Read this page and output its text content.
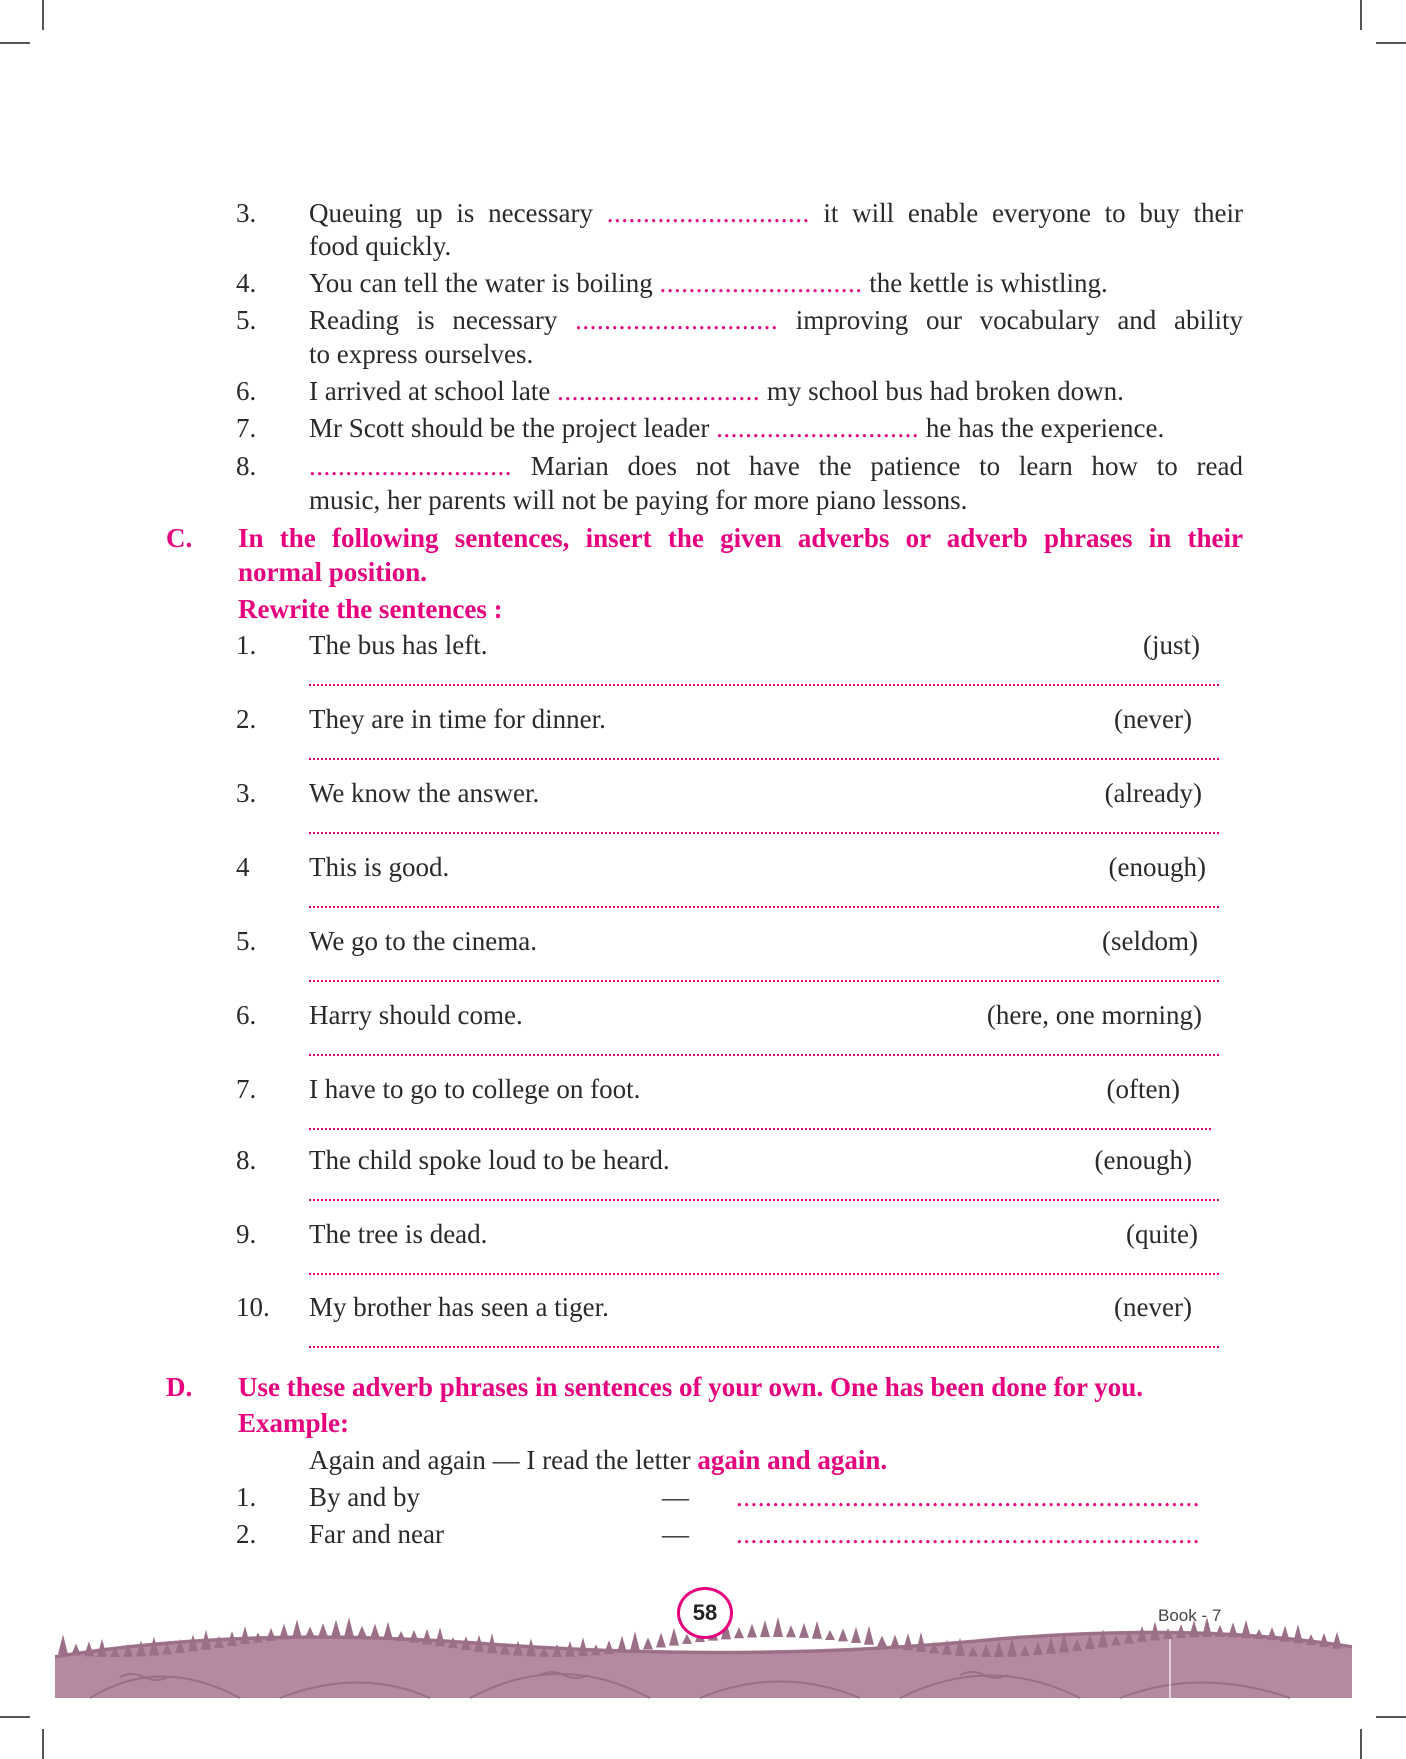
3. Queuing up is necessary ............................ it will enable everyone to buy their
food quickly.
4. You can tell the water is boiling ............................ the kettle is whistling.
5. Reading is necessary ............................ improving our vocabulary and ability
to express ourselves.
6. I arrived at school late ............................ my school bus had broken down.
7. Mr Scott should be the project leader ............................ he has the experience.
8. ............................ Marian does not have the patience to learn how to read
music, her parents will not be paying for more piano lessons.
C. In the following sentences, insert the given adverbs or adverb phrases in their
normal position.
Rewrite the sentences :
1. The bus has left.	(just)
2. They are in time for dinner.	(never)
3. We know the answer.	(already)
4 This is good.	(enough)
5. We go to the cinema.	(seldom)
6. Harry should come.	(here, one morning)
7. I have to go to college on foot.	(often)
8. The child spoke loud to be heard.	(enough)
9. The tree is dead.	(quite)
10. My brother has seen a tiger.	(never)
D. Use these adverb phrases in sentences of your own. One has been done for you.
Example:
Again and again — I read the letter again and again.
1. By and by	— ................................................................
2. Far and near	— ................................................................
58	Book - 7
